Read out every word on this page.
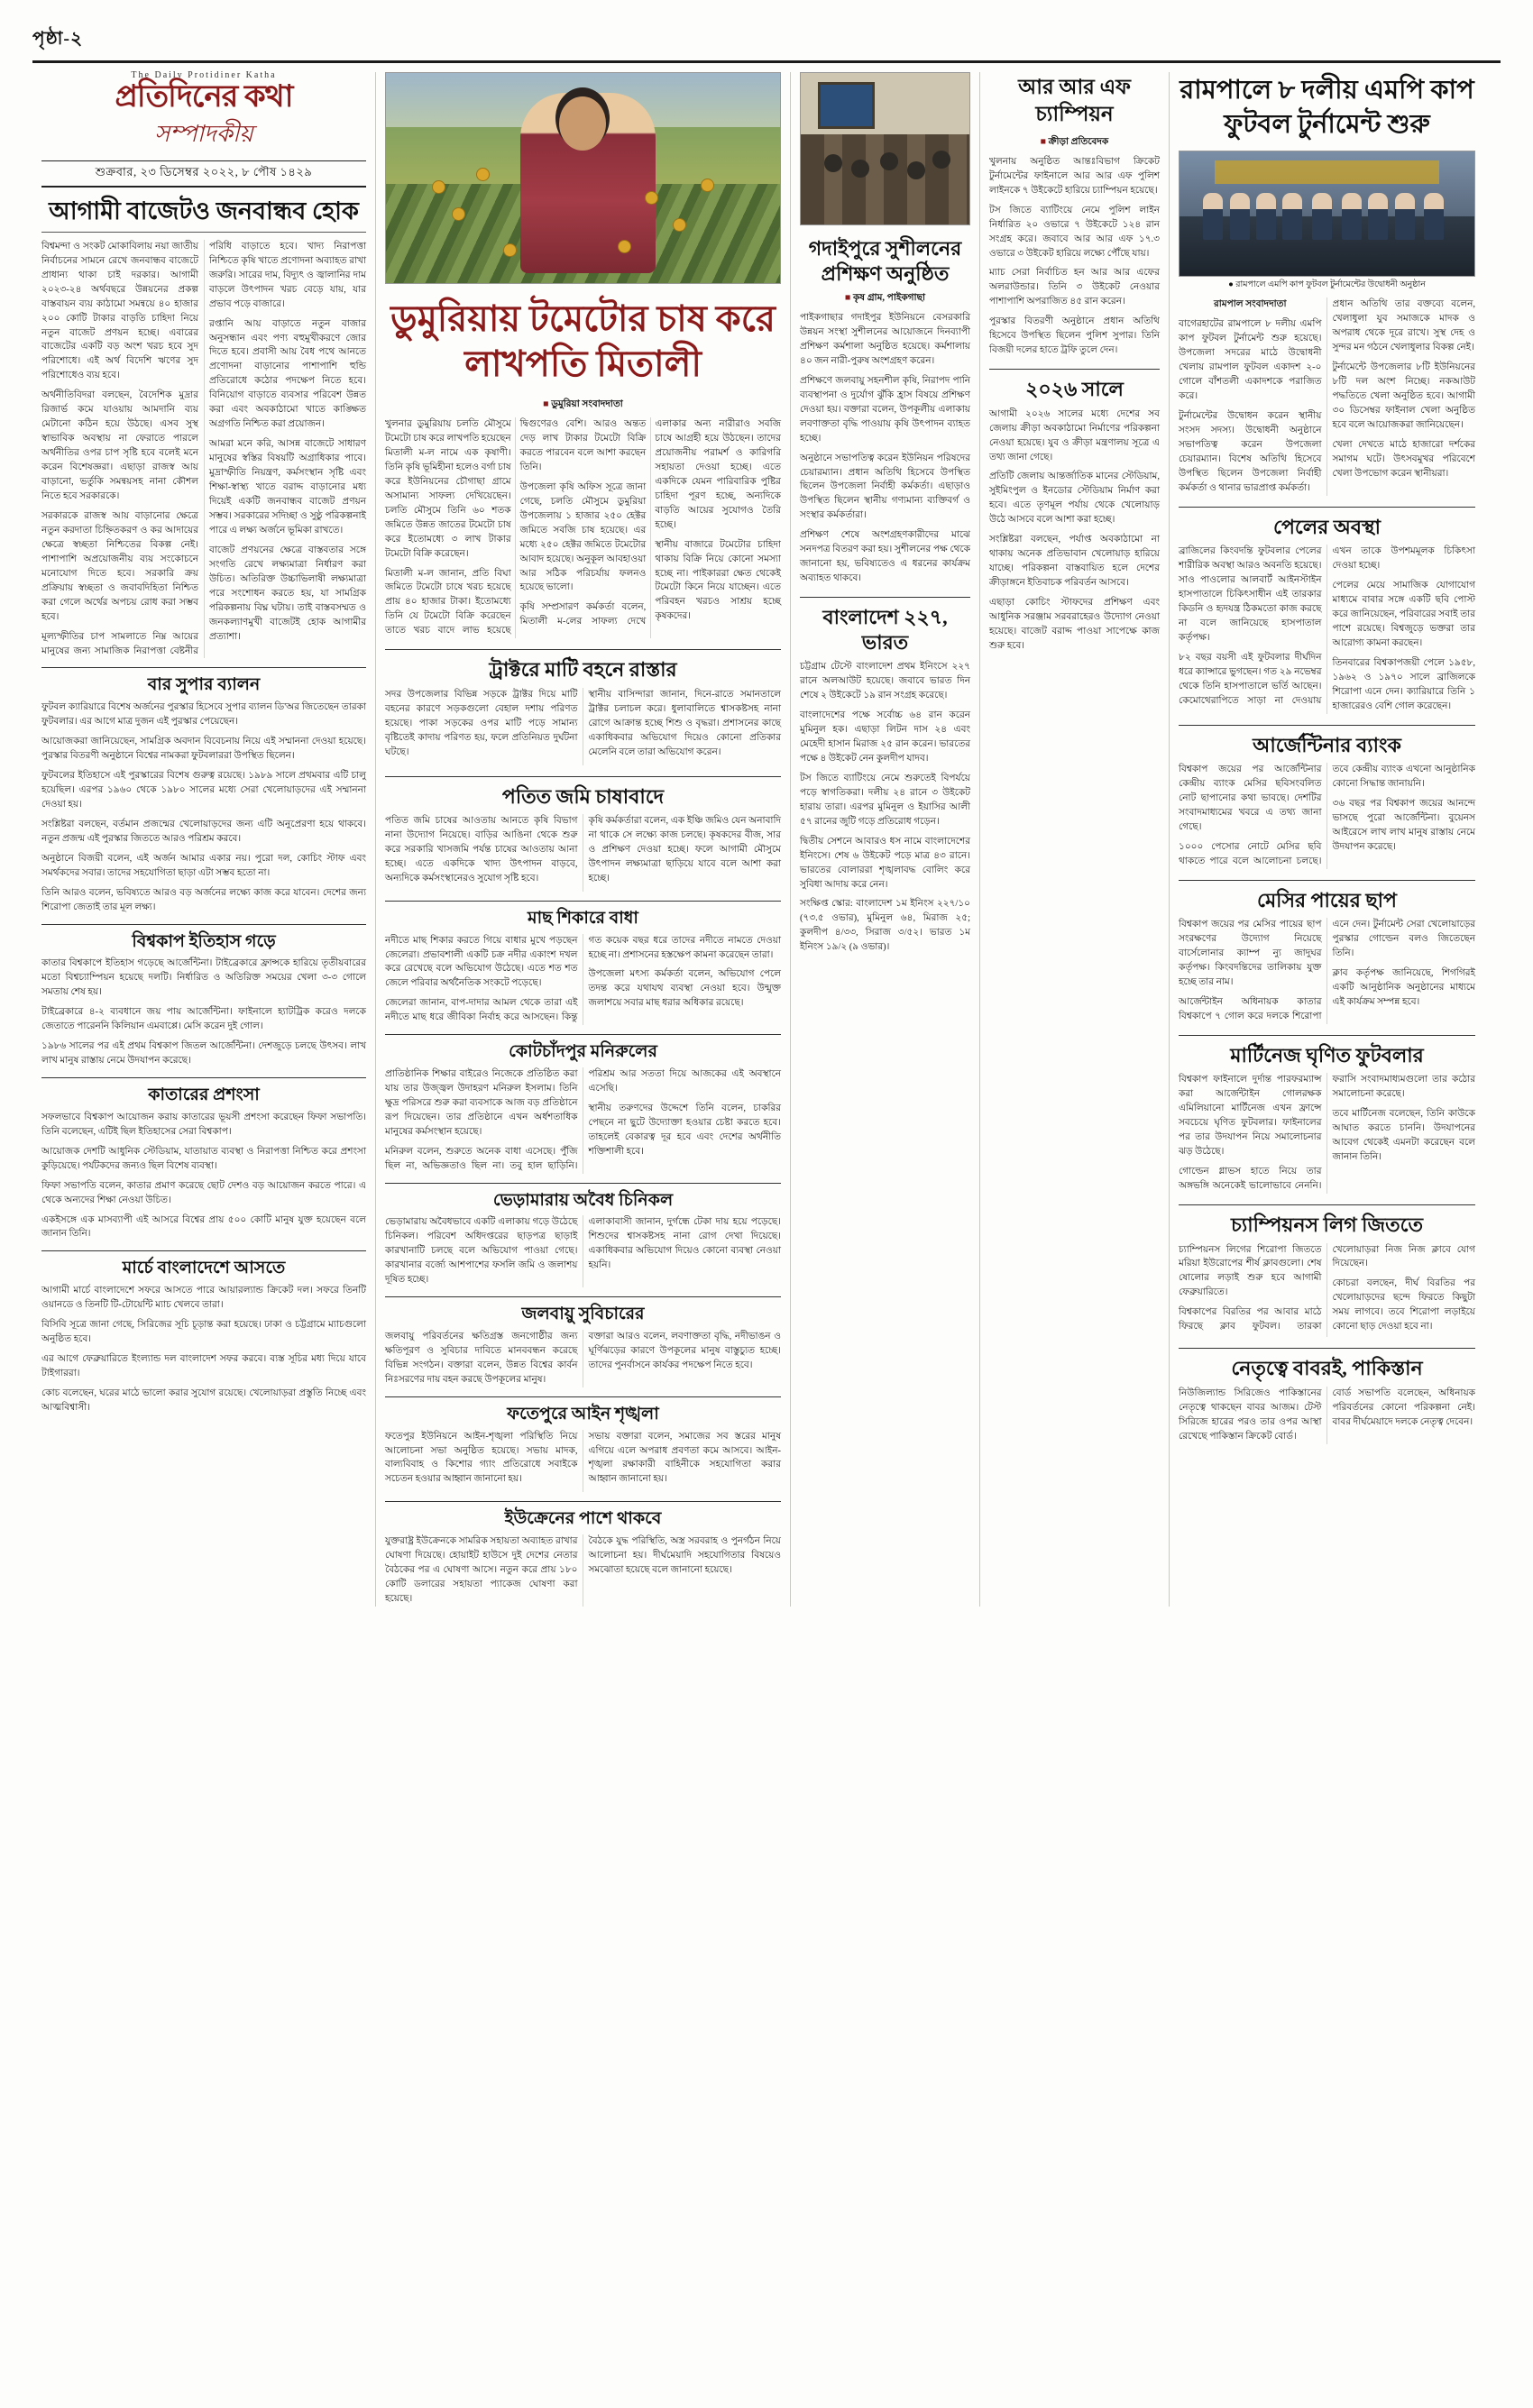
পৃষ্ঠা-২
The Daily Protidiner Katha
প্রতিদিনের কথা
সম্পাদকীয়
শুক্রবার, ২৩ ডিসেম্বর ২০২২, ৮ পৌষ ১৪২৯
আগামী বাজেটও জনবান্ধব হোক

বিশ্বমন্দা ও সংকট মোকাবিলায় নয়া জাতীয় নির্বাচনের সামনে রেখে জনবান্ধব বাজেটে প্রাধান্য থাকা চাই দরকার। আগামী ২০২৩-২৪ অর্থবছরে উন্নয়নের প্রকল্প বাস্তবায়ন ব্যয় কাঠামো সমন্বয়ে ৪০ হাজার ২০০ কোটি টাকার বাড়তি চাহিদা নিয়ে নতুন বাজেট প্রণয়ন হচ্ছে। এবারের বাজেটের একটি বড় অংশ খরচ হবে সুদ পরিশোধে। এই অর্থ বিদেশি ঋণের সুদ পরিশোধেও ব্যয় হবে।

অর্থনীতিবিদরা বলছেন, বৈদেশিক মুদ্রার রিজার্ভ কমে যাওয়ায় আমদানি ব্যয় মেটানো কঠিন হয়ে উঠছে। এসব সুস্থ স্বাভাবিক অবস্থায় না ফেরাতে পারলে অর্থনীতির ওপর চাপ সৃষ্টি হবে বলেই মনে করেন বিশেষজ্ঞরা। এছাড়া রাজস্ব আয় বাড়ানো, ভর্তুকি সমন্বয়সহ নানা কৌশল নিতে হবে সরকারকে।

সরকারকে রাজস্ব আয় বাড়ানোর ক্ষেত্রে নতুন করদাতা চিহ্নিতকরণ ও কর আদায়ের ক্ষেত্রে স্বচ্ছতা নিশ্চিতের বিকল্প নেই। পাশাপাশি অপ্রয়োজনীয় ব্যয় সংকোচনে মনোযোগ দিতে হবে। সরকারি ক্রয় প্রক্রিয়ায় স্বচ্ছতা ও জবাবদিহিতা নিশ্চিত করা গেলে অর্থের অপচয় রোধ করা সম্ভব হবে।

মূল্যস্ফীতির চাপ সামলাতে নিম্ন আয়ের মানুষের জন্য সামাজিক নিরাপত্তা বেষ্টনীর পরিধি বাড়াতে হবে। খাদ্য নিরাপত্তা নিশ্চিতে কৃষি খাতে প্রণোদনা অব্যাহত রাখা জরুরি। সারের দাম, বিদ্যুৎ ও জ্বালানির দাম বাড়লে উৎপাদন খরচ বেড়ে যায়, যার প্রভাব পড়ে বাজারে।

রপ্তানি আয় বাড়াতে নতুন বাজার অনুসন্ধান এবং পণ্য বহুমুখীকরণে জোর দিতে হবে। প্রবাসী আয় বৈধ পথে আনতে প্রণোদনা বাড়ানোর পাশাপাশি হুন্ডি প্রতিরোধে কঠোর পদক্ষেপ নিতে হবে। বিনিয়োগ বাড়াতে ব্যবসার পরিবেশ উন্নত করা এবং অবকাঠামো খাতে কাঙ্ক্ষিত অগ্রগতি নিশ্চিত করা প্রয়োজন।

আমরা মনে করি, আসন্ন বাজেটে সাধারণ মানুষের স্বস্তির বিষয়টি অগ্রাধিকার পাবে। মুদ্রাস্ফীতি নিয়ন্ত্রণ, কর্মসংস্থান সৃষ্টি এবং শিক্ষা-স্বাস্থ্য খাতে বরাদ্দ বাড়ানোর মধ্য দিয়েই একটি জনবান্ধব বাজেট প্রণয়ন সম্ভব। সরকারের সদিচ্ছা ও সুষ্ঠু পরিকল্পনাই পারে এ লক্ষ্য অর্জনে ভূমিকা রাখতে।

বাজেট প্রণয়নের ক্ষেত্রে বাস্তবতার সঙ্গে সংগতি রেখে লক্ষ্যমাত্রা নির্ধারণ করা উচিত। অতিরিক্ত উচ্চাভিলাষী লক্ষ্যমাত্রা পরে সংশোধন করতে হয়, যা সামগ্রিক পরিকল্পনায় বিঘ্ন ঘটায়। তাই বাস্তবসম্মত ও জনকল্যাণমুখী বাজেটই হোক আগামীর প্রত্যাশা।

বার সুপার ব্যালন

ফুটবল ক্যারিয়ারে বিশেষ অর্জনের পুরস্কার হিসেবে সুপার ব্যালন ডি'অর জিতেছেন তারকা ফুটবলার। এর আগে মাত্র দুজন এই পুরস্কার পেয়েছেন।

আয়োজকরা জানিয়েছেন, সামগ্রিক অবদান বিবেচনায় নিয়ে এই সম্মাননা দেওয়া হয়েছে। পুরস্কার বিতরণী অনুষ্ঠানে বিশ্বের নামকরা ফুটবলাররা উপস্থিত ছিলেন।

ফুটবলের ইতিহাসে এই পুরস্কারের বিশেষ গুরুত্ব রয়েছে। ১৯৮৯ সালে প্রথমবার এটি চালু হয়েছিল। এরপর ১৯৬০ থেকে ১৯৮০ সালের মধ্যে সেরা খেলোয়াড়দের এই সম্মাননা দেওয়া হয়।

সংশ্লিষ্টরা বলছেন, বর্তমান প্রজন্মের খেলোয়াড়দের জন্য এটি অনুপ্রেরণা হয়ে থাকবে। নতুন প্রজন্ম এই পুরস্কার জিততে আরও পরিশ্রম করবে।

অনুষ্ঠানে বিজয়ী বলেন, এই অর্জন আমার একার নয়। পুরো দল, কোচিং স্টাফ এবং সমর্থকদের সবার। তাদের সহযোগিতা ছাড়া এটা সম্ভব হতো না।

তিনি আরও বলেন, ভবিষ্যতে আরও বড় অর্জনের লক্ষ্যে কাজ করে যাবেন। দেশের জন্য শিরোপা জেতাই তার মূল লক্ষ্য।

বিশ্বকাপ ইতিহাস গড়ে

কাতার বিশ্বকাপে ইতিহাস গড়েছে আর্জেন্টিনা। টাইব্রেকারে ফ্রান্সকে হারিয়ে তৃতীয়বারের মতো বিশ্বচ্যাম্পিয়ন হয়েছে দলটি। নির্ধারিত ও অতিরিক্ত সময়ের খেলা ৩-৩ গোলে সমতায় শেষ হয়।

টাইব্রেকারে ৪-২ ব্যবধানে জয় পায় আর্জেন্টিনা। ফাইনালে হ্যাটট্রিক করেও দলকে জেতাতে পারেননি কিলিয়ান এমবাপ্পে। মেসি করেন দুই গোল।

১৯৮৬ সালের পর এই প্রথম বিশ্বকাপ জিতল আর্জেন্টিনা। দেশজুড়ে চলছে উৎসব। লাখ লাখ মানুষ রাস্তায় নেমে উদযাপন করেছে।

কাতারের প্রশংসা

সফলভাবে বিশ্বকাপ আয়োজন করায় কাতারের ভূয়সী প্রশংসা করেছেন ফিফা সভাপতি। তিনি বলেছেন, এটিই ছিল ইতিহাসের সেরা বিশ্বকাপ।

আয়োজক দেশটি আধুনিক স্টেডিয়াম, যাতায়াত ব্যবস্থা ও নিরাপত্তা নিশ্চিত করে প্রশংসা কুড়িয়েছে। পর্যটকদের জন্যও ছিল বিশেষ ব্যবস্থা।

ফিফা সভাপতি বলেন, কাতার প্রমাণ করেছে ছোট দেশও বড় আয়োজন করতে পারে। এ থেকে অন্যদের শিক্ষা নেওয়া উচিত।

একইসঙ্গে এক মাসব্যাপী এই আসরে বিশ্বের প্রায় ৫০০ কোটি মানুষ যুক্ত হয়েছেন বলে জানান তিনি।

মার্চে বাংলাদেশে আসতে

আগামী মার্চে বাংলাদেশে সফরে আসতে পারে আয়ারল্যান্ড ক্রিকেট দল। সফরে তিনটি ওয়ানডে ও তিনটি টি-টোয়েন্টি ম্যাচ খেলবে তারা।

বিসিবি সূত্রে জানা গেছে, সিরিজের সূচি চূড়ান্ত করা হয়েছে। ঢাকা ও চট্টগ্রামে ম্যাচগুলো অনুষ্ঠিত হবে।

এর আগে ফেব্রুয়ারিতে ইংল্যান্ড দল বাংলাদেশ সফর করবে। ব্যস্ত সূচির মধ্য দিয়ে যাবে টাইগাররা।

কোচ বলেছেন, ঘরের মাঠে ভালো করার সুযোগ রয়েছে। খেলোয়াড়রা প্রস্তুতি নিচ্ছে এবং আত্মবিশ্বাসী।

ডুমুরিয়ায় টমেটোর চাষ করে লাখপতি মিতালী
■ ডুমুরিয়া সংবাদদাতা

খুলনার ডুমুরিয়ায় চলতি মৌসুমে টমেটো চাষ করে লাখপতি হয়েছেন মিতালী ম-ল নামে এক কৃষাণী। তিনি কৃষি ভূমিহীনা হলেও বর্গা চাষ করে ইউনিয়নের চৌগাছা গ্রামে অসামান্য সাফল্য দেখিয়েছেন। চলতি মৌসুমে তিনি ৬০ শতক জমিতে উন্নত জাতের টমেটো চাষ করে ইতোমধ্যে ৩ লাখ টাকার টমেটো বিক্রি করেছেন।

মিতালী ম-ল জানান, প্রতি বিঘা জমিতে টমেটো চাষে খরচ হয়েছে প্রায় ৪০ হাজার টাকা। ইতোমধ্যে তিনি যে টমেটো বিক্রি করেছেন তাতে খরচ বাদে লাভ হয়েছে দ্বিগুণেরও বেশি। আরও অন্তত দেড় লাখ টাকার টমেটো বিক্রি করতে পারবেন বলে আশা করছেন তিনি।

উপজেলা কৃষি অফিস সূত্রে জানা গেছে, চলতি মৌসুমে ডুমুরিয়া উপজেলায় ১ হাজার ২৫০ হেক্টর জমিতে সবজি চাষ হয়েছে। এর মধ্যে ২৫০ হেক্টর জমিতে টমেটোর আবাদ হয়েছে। অনুকূল আবহাওয়া আর সঠিক পরিচর্যায় ফলনও হয়েছে ভালো।

কৃষি সম্প্রসারণ কর্মকর্তা বলেন, মিতালী ম-লের সাফল্য দেখে এলাকার অন্য নারীরাও সবজি চাষে আগ্রহী হয়ে উঠছেন। তাদের প্রয়োজনীয় পরামর্শ ও কারিগরি সহায়তা দেওয়া হচ্ছে। এতে একদিকে যেমন পারিবারিক পুষ্টির চাহিদা পূরণ হচ্ছে, অন্যদিকে বাড়তি আয়ের সুযোগও তৈরি হচ্ছে।

স্থানীয় বাজারে টমেটোর চাহিদা থাকায় বিক্রি নিয়ে কোনো সমস্যা হচ্ছে না। পাইকাররা ক্ষেত থেকেই টমেটো কিনে নিয়ে যাচ্ছেন। এতে পরিবহন খরচও সাশ্রয় হচ্ছে কৃষকদের।

ট্রাক্টরে মাটি বহনে রাস্তার

সদর উপজেলার বিভিন্ন সড়কে ট্রাক্টর দিয়ে মাটি বহনের কারণে সড়কগুলো বেহাল দশায় পরিণত হয়েছে। পাকা সড়কের ওপর মাটি পড়ে সামান্য বৃষ্টিতেই কাদায় পরিণত হয়, ফলে প্রতিনিয়ত দুর্ঘটনা ঘটছে।

স্থানীয় বাসিন্দারা জানান, দিনে-রাতে সমানতালে ট্রাক্টর চলাচল করে। ধুলাবালিতে শ্বাসকষ্টসহ নানা রোগে আক্রান্ত হচ্ছে শিশু ও বৃদ্ধরা। প্রশাসনের কাছে একাধিকবার অভিযোগ দিয়েও কোনো প্রতিকার মেলেনি বলে তারা অভিযোগ করেন।

পতিত জমি চাষাবাদে

পতিত জমি চাষের আওতায় আনতে কৃষি বিভাগ নানা উদ্যোগ নিয়েছে। বাড়ির আঙিনা থেকে শুরু করে সরকারি খাসজমি পর্যন্ত চাষের আওতায় আনা হচ্ছে। এতে একদিকে খাদ্য উৎপাদন বাড়বে, অন্যদিকে কর্মসংস্থানেরও সুযোগ সৃষ্টি হবে।

কৃষি কর্মকর্তারা বলেন, এক ইঞ্চি জমিও যেন অনাবাদি না থাকে সে লক্ষ্যে কাজ চলছে। কৃষকদের বীজ, সার ও প্রশিক্ষণ দেওয়া হচ্ছে। ফলে আগামী মৌসুমে উৎপাদন লক্ষ্যমাত্রা ছাড়িয়ে যাবে বলে আশা করা হচ্ছে।

মাছ শিকারে বাধা

নদীতে মাছ শিকার করতে গিয়ে বাধার মুখে পড়ছেন জেলেরা। প্রভাবশালী একটি চক্র নদীর একাংশ দখল করে রেখেছে বলে অভিযোগ উঠেছে। এতে শত শত জেলে পরিবার অর্থনৈতিক সংকটে পড়েছে।

জেলেরা জানান, বাপ-দাদার আমল থেকে তারা এই নদীতে মাছ ধরে জীবিকা নির্বাহ করে আসছেন। কিন্তু গত কয়েক বছর ধরে তাদের নদীতে নামতে দেওয়া হচ্ছে না। প্রশাসনের হস্তক্ষেপ কামনা করেছেন তারা।

উপজেলা মৎস্য কর্মকর্তা বলেন, অভিযোগ পেলে তদন্ত করে যথাযথ ব্যবস্থা নেওয়া হবে। উন্মুক্ত জলাশয়ে সবার মাছ ধরার অধিকার রয়েছে।

কোটচাঁদপুর মনিরুলের

প্রাতিষ্ঠানিক শিক্ষার বাইরেও নিজেকে প্রতিষ্ঠিত করা যায় তার উজ্জ্বল উদাহরণ মনিরুল ইসলাম। তিনি ক্ষুদ্র পরিসরে শুরু করা ব্যবসাকে আজ বড় প্রতিষ্ঠানে রূপ দিয়েছেন। তার প্রতিষ্ঠানে এখন অর্ধশতাধিক মানুষের কর্মসংস্থান হয়েছে।

মনিরুল বলেন, শুরুতে অনেক বাধা এসেছে। পুঁজি ছিল না, অভিজ্ঞতাও ছিল না। তবু হাল ছাড়িনি। পরিশ্রম আর সততা দিয়ে আজকের এই অবস্থানে এসেছি।

স্থানীয় তরুণদের উদ্দেশে তিনি বলেন, চাকরির পেছনে না ছুটে উদ্যোক্তা হওয়ার চেষ্টা করতে হবে। তাহলেই বেকারত্ব দূর হবে এবং দেশের অর্থনীতি শক্তিশালী হবে।

ভেড়ামারায় অবৈধ চিনিকল

ভেড়ামারায় অবৈধভাবে একটি এলাকায় গড়ে উঠেছে চিনিকল। পরিবেশ অধিদপ্তরের ছাড়পত্র ছাড়াই কারখানাটি চলছে বলে অভিযোগ পাওয়া গেছে। কারখানার বর্জ্যে আশপাশের ফসলি জমি ও জলাশয় দূষিত হচ্ছে।

এলাকাবাসী জানান, দুর্গন্ধে টেকা দায় হয়ে পড়েছে। শিশুদের শ্বাসকষ্টসহ নানা রোগ দেখা দিয়েছে। একাধিকবার অভিযোগ দিয়েও কোনো ব্যবস্থা নেওয়া হয়নি।

জলবায়ু সুবিচারের

জলবায়ু পরিবর্তনের ক্ষতিগ্রস্ত জনগোষ্ঠীর জন্য ক্ষতিপূরণ ও সুবিচার দাবিতে মানববন্ধন করেছে বিভিন্ন সংগঠন। বক্তারা বলেন, উন্নত বিশ্বের কার্বন নিঃসরণের দায় বহন করছে উপকূলের মানুষ।

বক্তারা আরও বলেন, লবণাক্ততা বৃদ্ধি, নদীভাঙন ও ঘূর্ণিঝড়ের কারণে উপকূলের মানুষ বাস্তুচ্যুত হচ্ছে। তাদের পুনর্বাসনে কার্যকর পদক্ষেপ নিতে হবে।

ফতেপুরে আইন শৃঙ্খলা

ফতেপুর ইউনিয়নে আইন-শৃঙ্খলা পরিস্থিতি নিয়ে আলোচনা সভা অনুষ্ঠিত হয়েছে। সভায় মাদক, বাল্যবিবাহ ও কিশোর গ্যাং প্রতিরোধে সবাইকে সচেতন হওয়ার আহ্বান জানানো হয়।

সভায় বক্তারা বলেন, সমাজের সব স্তরের মানুষ এগিয়ে এলে অপরাধ প্রবণতা কমে আসবে। আইন-শৃঙ্খলা রক্ষাকারী বাহিনীকে সহযোগিতা করার আহ্বান জানানো হয়।

ইউক্রেনের পাশে থাকবে

যুক্তরাষ্ট্র ইউক্রেনকে সামরিক সহায়তা অব্যাহত রাখার ঘোষণা দিয়েছে। হোয়াইট হাউসে দুই দেশের নেতার বৈঠকের পর এ ঘোষণা আসে। নতুন করে প্রায় ১৮০ কোটি ডলারের সহায়তা প্যাকেজ ঘোষণা করা হয়েছে।

বৈঠকে যুদ্ধ পরিস্থিতি, অস্ত্র সরবরাহ ও পুনর্গঠন নিয়ে আলোচনা হয়। দীর্ঘমেয়াদি সহযোগিতার বিষয়েও সমঝোতা হয়েছে বলে জানানো হয়েছে।

গদাইপুরে সুশীলনের প্রশিক্ষণ অনুষ্ঠিত
■ কৃষ গ্রাম, পাইকগাছা

পাইকগাছার গদাইপুর ইউনিয়নে বেসরকারি উন্নয়ন সংস্থা সুশীলনের আয়োজনে দিনব্যাপী প্রশিক্ষণ কর্মশালা অনুষ্ঠিত হয়েছে। কর্মশালায় ৪০ জন নারী-পুরুষ অংশগ্রহণ করেন।

প্রশিক্ষণে জলবায়ু সহনশীল কৃষি, নিরাপদ পানি ব্যবস্থাপনা ও দুর্যোগ ঝুঁকি হ্রাস বিষয়ে প্রশিক্ষণ দেওয়া হয়। বক্তারা বলেন, উপকূলীয় এলাকায় লবণাক্ততা বৃদ্ধি পাওয়ায় কৃষি উৎপাদন ব্যাহত হচ্ছে।

অনুষ্ঠানে সভাপতিত্ব করেন ইউনিয়ন পরিষদের চেয়ারম্যান। প্রধান অতিথি হিসেবে উপস্থিত ছিলেন উপজেলা নির্বাহী কর্মকর্তা। এছাড়াও উপস্থিত ছিলেন স্থানীয় গণ্যমান্য ব্যক্তিবর্গ ও সংস্থার কর্মকর্তারা।

প্রশিক্ষণ শেষে অংশগ্রহণকারীদের মাঝে সনদপত্র বিতরণ করা হয়। সুশীলনের পক্ষ থেকে জানানো হয়, ভবিষ্যতেও এ ধরনের কার্যক্রম অব্যাহত থাকবে।

বাংলাদেশ ২২৭, ভারত

চট্টগ্রাম টেস্টে বাংলাদেশ প্রথম ইনিংসে ২২৭ রানে অলআউট হয়েছে। জবাবে ভারত দিন শেষে ২ উইকেটে ১৯ রান সংগ্রহ করেছে।

বাংলাদেশের পক্ষে সর্বোচ্চ ৬৪ রান করেন মুমিনুল হক। এছাড়া লিটন দাস ২৪ এবং মেহেদী হাসান মিরাজ ২৫ রান করেন। ভারতের পক্ষে ৪ উইকেট নেন কুলদীপ যাদব।

টস জিতে ব্যাটিংয়ে নেমে শুরুতেই বিপর্যয়ে পড়ে স্বাগতিকরা। দলীয় ২৪ রানে ৩ উইকেট হারায় তারা। এরপর মুমিনুল ও ইয়াসির আলী ৫৭ রানের জুটি গড়ে প্রতিরোধ গড়েন।

দ্বিতীয় সেশনে আবারও ধস নামে বাংলাদেশের ইনিংসে। শেষ ৬ উইকেট পড়ে মাত্র ৪৩ রানে। ভারতের বোলাররা শৃঙ্খলাবদ্ধ বোলিং করে সুবিধা আদায় করে নেন।

সংক্ষিপ্ত স্কোর: বাংলাদেশ ১ম ইনিংস ২২৭/১০ (৭৩.৫ ওভার), মুমিনুল ৬৪, মিরাজ ২৫; কুলদীপ ৪/৩৩, সিরাজ ৩/৫২। ভারত ১ম ইনিংস ১৯/২ (৯ ওভার)।

আর আর এফ চ্যাম্পিয়ন
■ ক্রীড়া প্রতিবেদক

খুলনায় অনুষ্ঠিত আন্তঃবিভাগ ক্রিকেট টুর্নামেন্টের ফাইনালে আর আর এফ পুলিশ লাইনকে ৭ উইকেটে হারিয়ে চ্যাম্পিয়ন হয়েছে।

টস জিতে ব্যাটিংয়ে নেমে পুলিশ লাইন নির্ধারিত ২০ ওভারে ৭ উইকেটে ১২৪ রান সংগ্রহ করে। জবাবে আর আর এফ ১৭.৩ ওভারে ৩ উইকেট হারিয়ে লক্ষ্যে পৌঁছে যায়।

ম্যাচ সেরা নির্বাচিত হন আর আর এফের অলরাউন্ডার। তিনি ৩ উইকেট নেওয়ার পাশাপাশি অপরাজিত ৪৫ রান করেন।

পুরস্কার বিতরণী অনুষ্ঠানে প্রধান অতিথি হিসেবে উপস্থিত ছিলেন পুলিশ সুপার। তিনি বিজয়ী দলের হাতে ট্রফি তুলে দেন।

২০২৬ সালে

আগামী ২০২৬ সালের মধ্যে দেশের সব জেলায় ক্রীড়া অবকাঠামো নির্মাণের পরিকল্পনা নেওয়া হয়েছে। যুব ও ক্রীড়া মন্ত্রণালয় সূত্রে এ তথ্য জানা গেছে।

প্রতিটি জেলায় আন্তর্জাতিক মানের স্টেডিয়াম, সুইমিংপুল ও ইনডোর স্টেডিয়াম নির্মাণ করা হবে। এতে তৃণমূল পর্যায় থেকে খেলোয়াড় উঠে আসবে বলে আশা করা হচ্ছে।

সংশ্লিষ্টরা বলছেন, পর্যাপ্ত অবকাঠামো না থাকায় অনেক প্রতিভাবান খেলোয়াড় হারিয়ে যাচ্ছে। পরিকল্পনা বাস্তবায়িত হলে দেশের ক্রীড়াঙ্গনে ইতিবাচক পরিবর্তন আসবে।

এছাড়া কোচিং স্টাফদের প্রশিক্ষণ এবং আধুনিক সরঞ্জাম সরবরাহেরও উদ্যোগ নেওয়া হয়েছে। বাজেট বরাদ্দ পাওয়া সাপেক্ষে কাজ শুরু হবে।

রামপালে ৮ দলীয় এমপি কাপ ফুটবল টুর্নামেন্ট শুরু
● রামপালে এমপি কাপ ফুটবল টুর্নামেন্টের উদ্বোধনী অনুষ্ঠান

রামপাল সংবাদদাতা

বাগেরহাটের রামপালে ৮ দলীয় এমপি কাপ ফুটবল টুর্নামেন্ট শুরু হয়েছে। উপজেলা সদরের মাঠে উদ্বোধনী খেলায় রামপাল ফুটবল একাদশ ২-০ গোলে বাঁশতলী একাদশকে পরাজিত করে।

টুর্নামেন্টের উদ্বোধন করেন স্থানীয় সংসদ সদস্য। উদ্বোধনী অনুষ্ঠানে সভাপতিত্ব করেন উপজেলা চেয়ারম্যান। বিশেষ অতিথি হিসেবে উপস্থিত ছিলেন উপজেলা নির্বাহী কর্মকর্তা ও থানার ভারপ্রাপ্ত কর্মকর্তা।

প্রধান অতিথি তার বক্তব্যে বলেন, খেলাধুলা যুব সমাজকে মাদক ও অপরাধ থেকে দূরে রাখে। সুস্থ দেহ ও সুন্দর মন গঠনে খেলাধুলার বিকল্প নেই।

টুর্নামেন্টে উপজেলার ৮টি ইউনিয়নের ৮টি দল অংশ নিচ্ছে। নকআউট পদ্ধতিতে খেলা অনুষ্ঠিত হবে। আগামী ৩০ ডিসেম্বর ফাইনাল খেলা অনুষ্ঠিত হবে বলে আয়োজকরা জানিয়েছেন।

খেলা দেখতে মাঠে হাজারো দর্শকের সমাগম ঘটে। উৎসবমুখর পরিবেশে খেলা উপভোগ করেন স্থানীয়রা।

পেলের অবস্থা

ব্রাজিলের কিংবদন্তি ফুটবলার পেলের শারীরিক অবস্থা আরও অবনতি হয়েছে। সাও পাওলোর আলবার্ট আইনস্টাইন হাসপাতালে চিকিৎসাধীন এই তারকার কিডনি ও হৃদযন্ত্র ঠিকমতো কাজ করছে না বলে জানিয়েছে হাসপাতাল কর্তৃপক্ষ।

৮২ বছর বয়সী এই ফুটবলার দীর্ঘদিন ধরে ক্যান্সারে ভুগছেন। গত ২৯ নভেম্বর থেকে তিনি হাসপাতালে ভর্তি আছেন। কেমোথেরাপিতে সাড়া না দেওয়ায় এখন তাকে উপশমমূলক চিকিৎসা দেওয়া হচ্ছে।

পেলের মেয়ে সামাজিক যোগাযোগ মাধ্যমে বাবার সঙ্গে একটি ছবি পোস্ট করে জানিয়েছেন, পরিবারের সবাই তার পাশে রয়েছে। বিশ্বজুড়ে ভক্তরা তার আরোগ্য কামনা করছেন।

তিনবারের বিশ্বকাপজয়ী পেলে ১৯৫৮, ১৯৬২ ও ১৯৭০ সালে ব্রাজিলকে শিরোপা এনে দেন। ক্যারিয়ারে তিনি ১ হাজারেরও বেশি গোল করেছেন।

আর্জেন্টিনার ব্যাংক

বিশ্বকাপ জয়ের পর আর্জেন্টিনার কেন্দ্রীয় ব্যাংক মেসির ছবিসংবলিত নোট ছাপানোর কথা ভাবছে। দেশটির সংবাদমাধ্যমের খবরে এ তথ্য জানা গেছে।

১০০০ পেসোর নোটে মেসির ছবি থাকতে পারে বলে আলোচনা চলছে। তবে কেন্দ্রীয় ব্যাংক এখনো আনুষ্ঠানিক কোনো সিদ্ধান্ত জানায়নি।

৩৬ বছর পর বিশ্বকাপ জয়ের আনন্দে ভাসছে পুরো আর্জেন্টিনা। বুয়েনস আইরেসে লাখ লাখ মানুষ রাস্তায় নেমে উদযাপন করেছে।

মেসির পায়ের ছাপ

বিশ্বকাপ জয়ের পর মেসির পায়ের ছাপ সংরক্ষণের উদ্যোগ নিয়েছে বার্সেলোনার ক্যাম্প ন্যু জাদুঘর কর্তৃপক্ষ। কিংবদন্তিদের তালিকায় যুক্ত হচ্ছে তার নাম।

আর্জেন্টাইন অধিনায়ক কাতার বিশ্বকাপে ৭ গোল করে দলকে শিরোপা এনে দেন। টুর্নামেন্ট সেরা খেলোয়াড়ের পুরস্কার গোল্ডেন বলও জিতেছেন তিনি।

ক্লাব কর্তৃপক্ষ জানিয়েছে, শিগগিরই একটি আনুষ্ঠানিক অনুষ্ঠানের মাধ্যমে এই কার্যক্রম সম্পন্ন হবে।

মার্টিনেজ ঘৃণিত ফুটবলার

বিশ্বকাপ ফাইনালে দুর্দান্ত পারফরম্যান্স করা আর্জেন্টাইন গোলরক্ষক এমিলিয়ানো মার্টিনেজ এখন ফ্রান্সে সবচেয়ে ঘৃণিত ফুটবলার। ফাইনালের পর তার উদযাপন নিয়ে সমালোচনার ঝড় উঠেছে।

গোল্ডেন গ্লাভস হাতে নিয়ে তার অঙ্গভঙ্গি অনেকেই ভালোভাবে নেননি। ফরাসি সংবাদমাধ্যমগুলো তার কঠোর সমালোচনা করেছে।

তবে মার্টিনেজ বলেছেন, তিনি কাউকে আঘাত করতে চাননি। উদযাপনের আবেগ থেকেই এমনটা করেছেন বলে জানান তিনি।

চ্যাম্পিয়নস লিগ জিততে

চ্যাম্পিয়নস লিগের শিরোপা জিততে মরিয়া ইউরোপের শীর্ষ ক্লাবগুলো। শেষ ষোলোর লড়াই শুরু হবে আগামী ফেব্রুয়ারিতে।

বিশ্বকাপের বিরতির পর আবার মাঠে ফিরছে ক্লাব ফুটবল। তারকা খেলোয়াড়রা নিজ নিজ ক্লাবে যোগ দিয়েছেন।

কোচরা বলছেন, দীর্ঘ বিরতির পর খেলোয়াড়দের ছন্দে ফিরতে কিছুটা সময় লাগবে। তবে শিরোপা লড়াইয়ে কোনো ছাড় দেওয়া হবে না।

নেতৃত্বে বাবরই, পাকিস্তান

নিউজিল্যান্ড সিরিজেও পাকিস্তানের নেতৃত্বে থাকছেন বাবর আজম। টেস্ট সিরিজে হারের পরও তার ওপর আস্থা রেখেছে পাকিস্তান ক্রিকেট বোর্ড।

বোর্ড সভাপতি বলেছেন, অধিনায়ক পরিবর্তনের কোনো পরিকল্পনা নেই। বাবর দীর্ঘমেয়াদে দলকে নেতৃত্ব দেবেন।
